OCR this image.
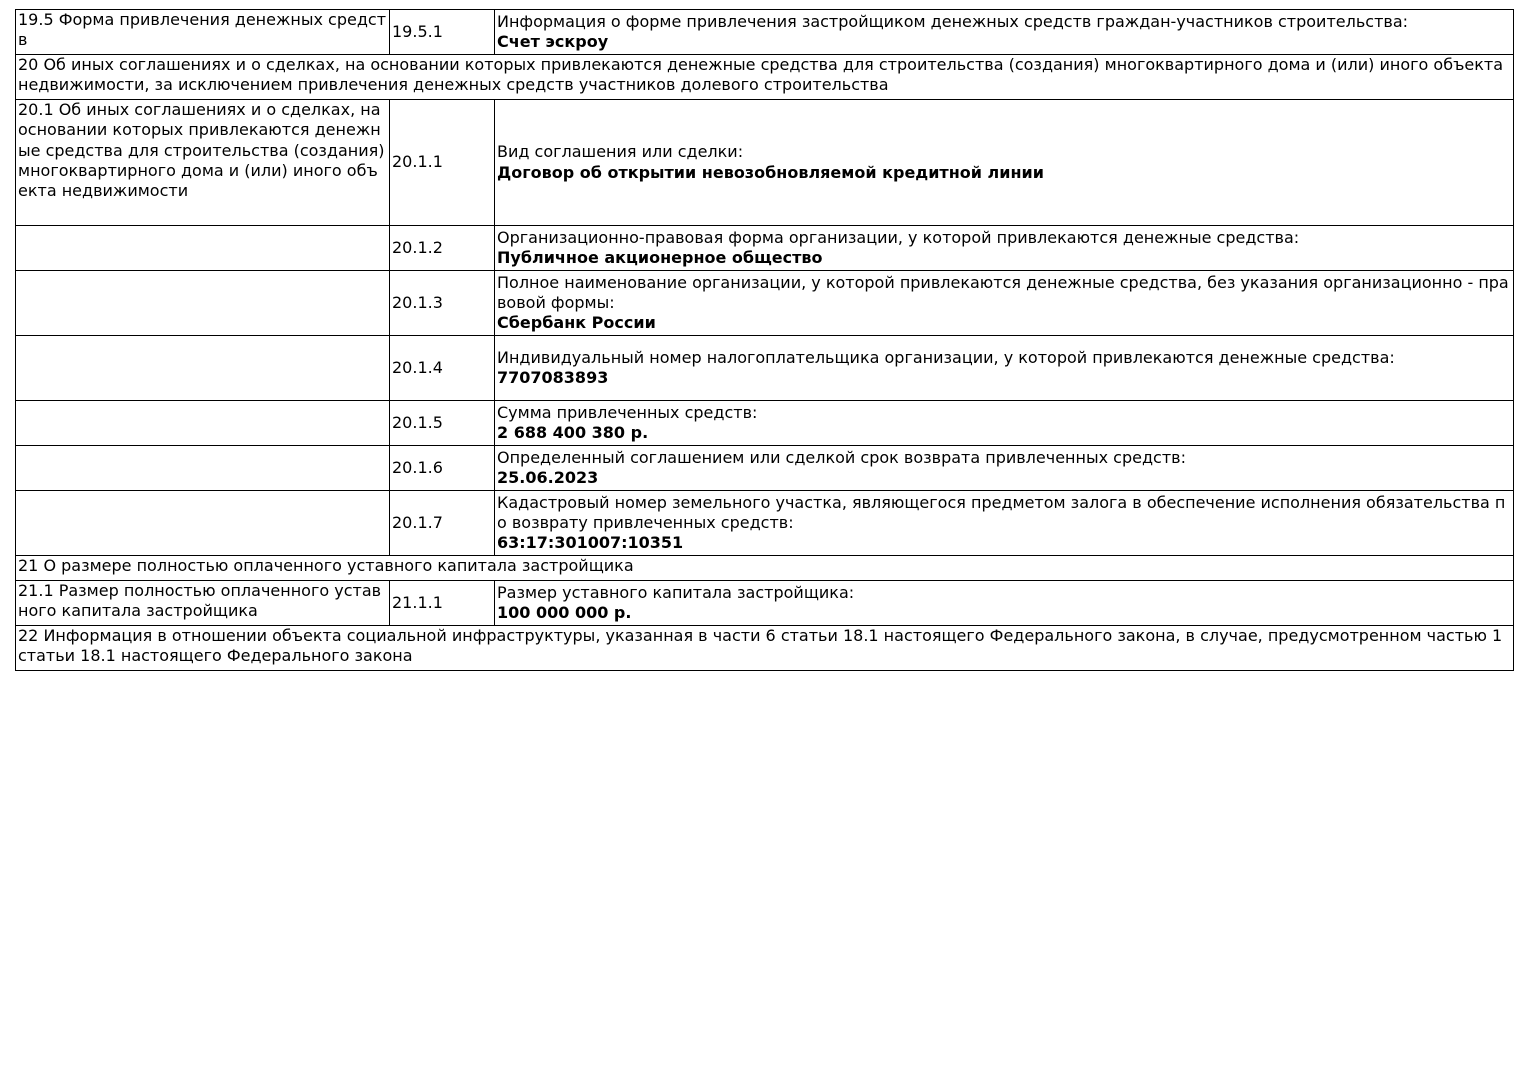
19.5 Форма привлечения денежных средств	19.5.1	Информация о форме привлечения застройщиком денежных средств граждан-участников строительства:
Счет эскроу

20 Об иных соглашениях и о сделках, на основании которых привлекаются денежные средства для строительства (создания) многоквартирного дома и (или) иного объекта недвижимости, за исключением привлечения денежных средств участников долевого строительства		
20.1 Об иных соглашениях и о сделках, на основании которых привлекаются денежные средства для строительства (создания) многоквартирного дома и (или) иного объекта недвижимости	20.1.1	Вид соглашения или сделки:
Договор об открытии невозобновляемой кредитной линии

	20.1.2	Организационно-правовая форма организации, у которой привлекаются денежные средства:
Публичное акционерное общество

	20.1.3	Полное наименование организации, у которой привлекаются денежные средства, без указания организационно - правовой формы:
Сбербанк России

	20.1.4	Индивидуальный номер налогоплательщика организации, у которой привлекаются денежные средства:
7707083893

	20.1.5	Сумма привлеченных средств:
2 688 400 380 р.

	20.1.6	Определенный соглашением или сделкой срок возврата привлеченных средств:
25.06.2023

	20.1.7	Кадастровый номер земельного участка, являющегося предметом залога в обеспечение исполнения обязательства по возврату привлеченных средств:
63:17:301007:10351

21 О размере полностью оплаченного уставного капитала застройщика		
21.1 Размер полностью оплаченного уставного капитала застройщика	21.1.1	Размер уставного капитала застройщика:
100 000 000 р.

22 Информация в отношении объекта социальной инфраструктуры, указанная в части 6 статьи 18.1 настоящего Федерального закона, в случае, предусмотренном частью 1 статьи 18.1 настоящего Федерального закона		
